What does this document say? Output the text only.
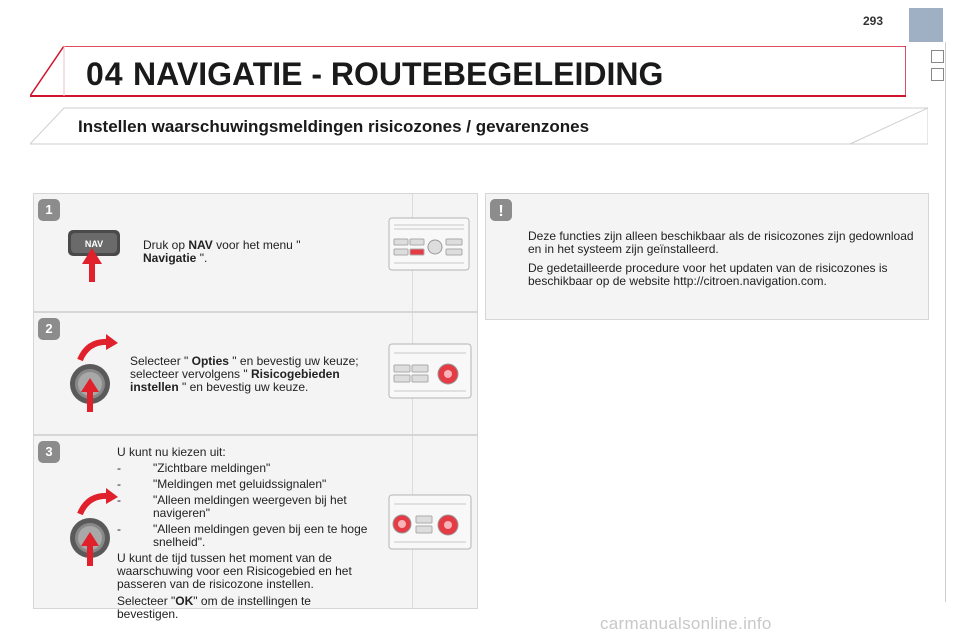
293
04 NAVIGATIE - ROUTEBEGELEIDING
Instellen waarschuwingsmeldingen risicozones / gevarenzones
1
NAV	Druk op NAV voor het menu " Navigatie ".
2
Selecteer " Opties " en bevestig uw keuze; selecteer vervolgens " Risicogebieden instellen " en bevestig uw keuze.
3	U kunt nu kiezen uit:

- "Zichtbare meldingen"
- "Meldingen met geluidssignalen"
- "Alleen meldingen weergeven bij het navigeren"
- "Alleen meldingen geven bij een te hoge snelheid".

U kunt de tijd tussen het moment van de waarschuwing voor een Risicogebied en het passeren van de risicozone instellen.

Selecteer "OK" om de instellingen te bevestigen.

!

Deze functies zijn alleen beschikbaar als de risicozones zijn gedownload en in het systeem zijn geïnstalleerd.

De gedetailleerde procedure voor het updaten van de risicozones is beschikbaar op de website http://citroen.navigation.com.

carmanualsonline.info
